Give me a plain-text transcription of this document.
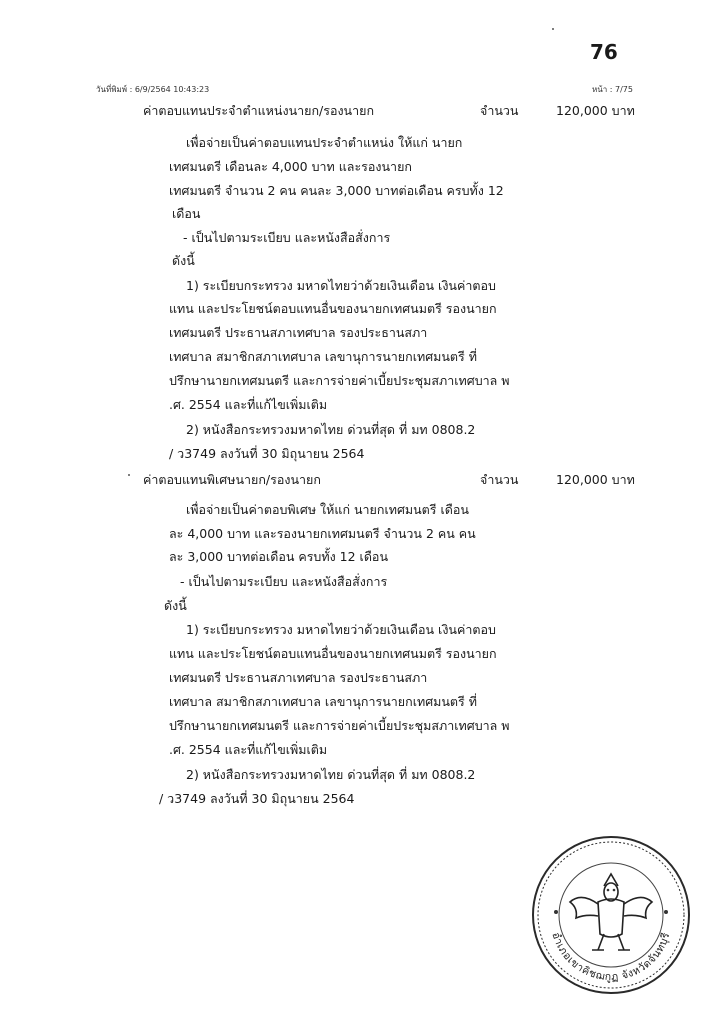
76
วันที่พิมพ์ : 6/9/2564 10:43:23	หน้า : 7/75
ค่าตอบแทนประจำตำแหน่งนายก/รองนายก	จำนวน	120,000 บาท
เพื่อจ่ายเป็นค่าตอบแทนประจำตำแหน่ง ให้แก่ นายก
เทศมนตรี เดือนละ 4,000 บาท และรองนายก
เทศมนตรี จำนวน 2 คน คนละ 3,000 บาทต่อเดือน ครบทั้ง 12
เดือน
- เป็นไปตามระเบียบ และหนังสือสั่งการ
ดังนี้
1) ระเบียบกระทรวง มหาดไทยว่าด้วยเงินเดือน เงินค่าตอบ
แทน และประโยชน์ตอบแทนอื่นของนายกเทศนมตรี รองนายก
เทศมนตรี ประธานสภาเทศบาล รองประธานสภา
เทศบาล สมาชิกสภาเทศบาล เลขานุการนายกเทศมนตรี ที่
ปรึกษานายกเทศมนตรี และการจ่ายค่าเบี้ยประชุมสภาเทศบาล พ
.ศ. 2554 และที่แก้ไขเพิ่มเติม
2) หนังสือกระทรวงมหาดไทย ด่วนที่สุด ที่ มท 0808.2
/ ว3749 ลงวันที่ 30 มิถุนายน 2564
ค่าตอบแทนพิเศษนายก/รองนายก	จำนวน	120,000 บาท
เพื่อจ่ายเป็นค่าตอบพิเศษ ให้แก่ นายกเทศมนตรี เดือน
ละ 4,000 บาท และรองนายกเทศมนตรี จำนวน 2 คน คน
ละ 3,000 บาทต่อเดือน ครบทั้ง 12 เดือน
- เป็นไปตามระเบียบ และหนังสือสั่งการ
ดังนี้
1) ระเบียบกระทรวง มหาดไทยว่าด้วยเงินเดือน เงินค่าตอบ
แทน และประโยชน์ตอบแทนอื่นของนายกเทศนมตรี รองนายก
เทศมนตรี ประธานสภาเทศบาล รองประธานสภา
เทศบาล สมาชิกสภาเทศบาล เลขานุการนายกเทศมนตรี ที่
ปรึกษานายกเทศมนตรี และการจ่ายค่าเบี้ยประชุมสภาเทศบาล พ
.ศ. 2554 และที่แก้ไขเพิ่มเติม
2) หนังสือกระทรวงมหาดไทย ด่วนที่สุด ที่ มท 0808.2
/ ว3749 ลงวันที่ 30 มิถุนายน 2564
อำเภอเขาคิชฌกูฏ จังหวัดจันทบุรี
